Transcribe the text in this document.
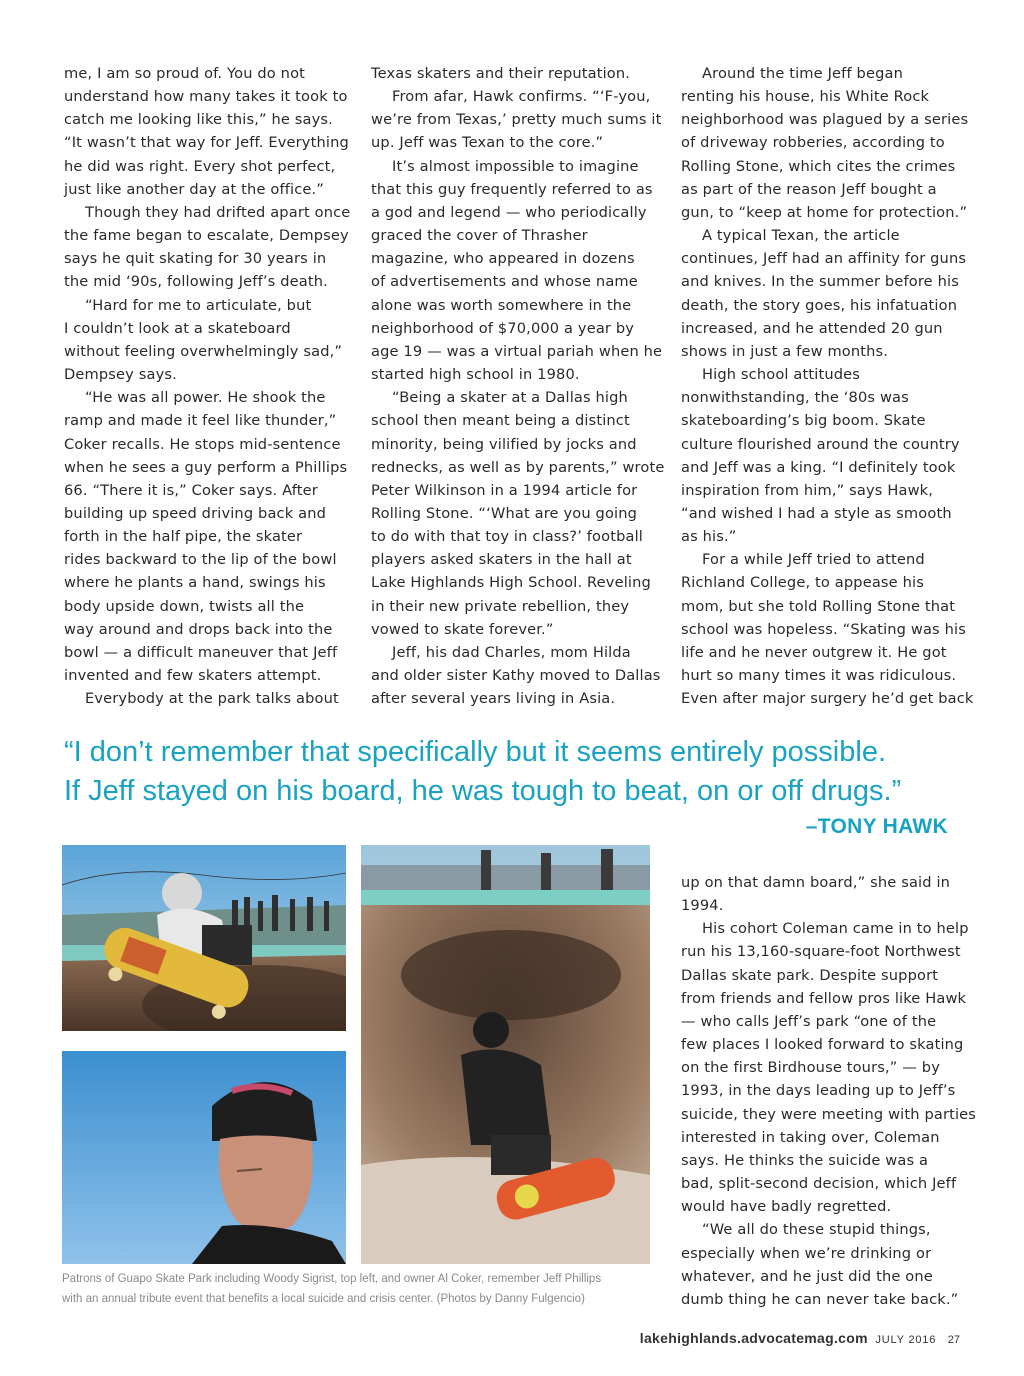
me, I am so proud of. You do not

understand how many takes it took to

catch me looking like this,” he says.

“It wasn’t that way for Jeff. Everything

he did was right. Every shot perfect,

just like another day at the office.”

Though they had drifted apart once

the fame began to escalate, Dempsey

says he quit skating for 30 years in

the mid ‘90s, following Jeff’s death.

“Hard for me to articulate, but

I couldn’t look at a skateboard

without feeling overwhelmingly sad,”

Dempsey says.

“He was all power. He shook the

ramp and made it feel like thunder,”

Coker recalls. He stops mid-sentence

when he sees a guy perform a Phillips

66. “There it is,” Coker says. After

building up speed driving back and

forth in the half pipe, the skater

rides backward to the lip of the bowl

where he plants a hand, swings his

body upside down, twists all the

way around and drops back into the

bowl — a difficult maneuver that Jeff

invented and few skaters attempt.

Everybody at the park talks about

Texas skaters and their reputation.

From afar, Hawk confirms. “‘F-you,

we’re from Texas,’ pretty much sums it

up. Jeff was Texan to the core.”

It’s almost impossible to imagine

that this guy frequently referred to as

a god and legend — who periodically

graced the cover of Thrasher

magazine, who appeared in dozens

of advertisements and whose name

alone was worth somewhere in the

neighborhood of $70,000 a year by

age 19 — was a virtual pariah when he

started high school in 1980.

“Being a skater at a Dallas high

school then meant being a distinct

minority, being vilified by jocks and

rednecks, as well as by parents,” wrote

Peter Wilkinson in a 1994 article for

Rolling Stone. “‘What are you going

to do with that toy in class?’ football

players asked skaters in the hall at

Lake Highlands High School. Reveling

in their new private rebellion, they

vowed to skate forever.”

Jeff, his dad Charles, mom Hilda

and older sister Kathy moved to Dallas

after several years living in Asia.

Around the time Jeff began

renting his house, his White Rock

neighborhood was plagued by a series

of driveway robberies, according to

Rolling Stone, which cites the crimes

as part of the reason Jeff bought a

gun, to “keep at home for protection.”

A typical Texan, the article

continues, Jeff had an affinity for guns

and knives. In the summer before his

death, the story goes, his infatuation

increased, and he attended 20 gun

shows in just a few months.

High school attitudes

nonwithstanding, the ‘80s was

skateboarding’s big boom. Skate

culture flourished around the country

and Jeff was a king. “I definitely took

inspiration from him,” says Hawk,

“and wished I had a style as smooth

as his.”

For a while Jeff tried to attend

Richland College, to appease his

mom, but she told Rolling Stone that

school was hopeless. “Skating was his

life and he never outgrew it. He got

hurt so many times it was ridiculous.

Even after major surgery he’d get back

“I don’t remember that specifically but it seems entirely possible.

If Jeff stayed on his board, he was tough to beat, on or off drugs.”

–TONY HAWK

Patrons of Guapo Skate Park including Woody Sigrist, top left, and owner Al Coker, remember Jeff Phillips

with an annual tribute event that benefits a local suicide and crisis center. (Photos by Danny Fulgencio)

up on that damn board,” she said in

1994.

His cohort Coleman came in to help

run his 13,160-square-foot Northwest

Dallas skate park. Despite support

from friends and fellow pros like Hawk

— who calls Jeff’s park “one of the

few places I looked forward to skating

on the first Birdhouse tours,” — by

1993, in the days leading up to Jeff’s

suicide, they were meeting with parties

interested in taking over, Coleman

says. He thinks the suicide was a

bad, split-second decision, which Jeff

would have badly regretted.

“We all do these stupid things,

especially when we’re drinking or

whatever, and he just did the one

dumb thing he can never take back.”

lakehighlands.advocatemag.com JULY 2016 27
